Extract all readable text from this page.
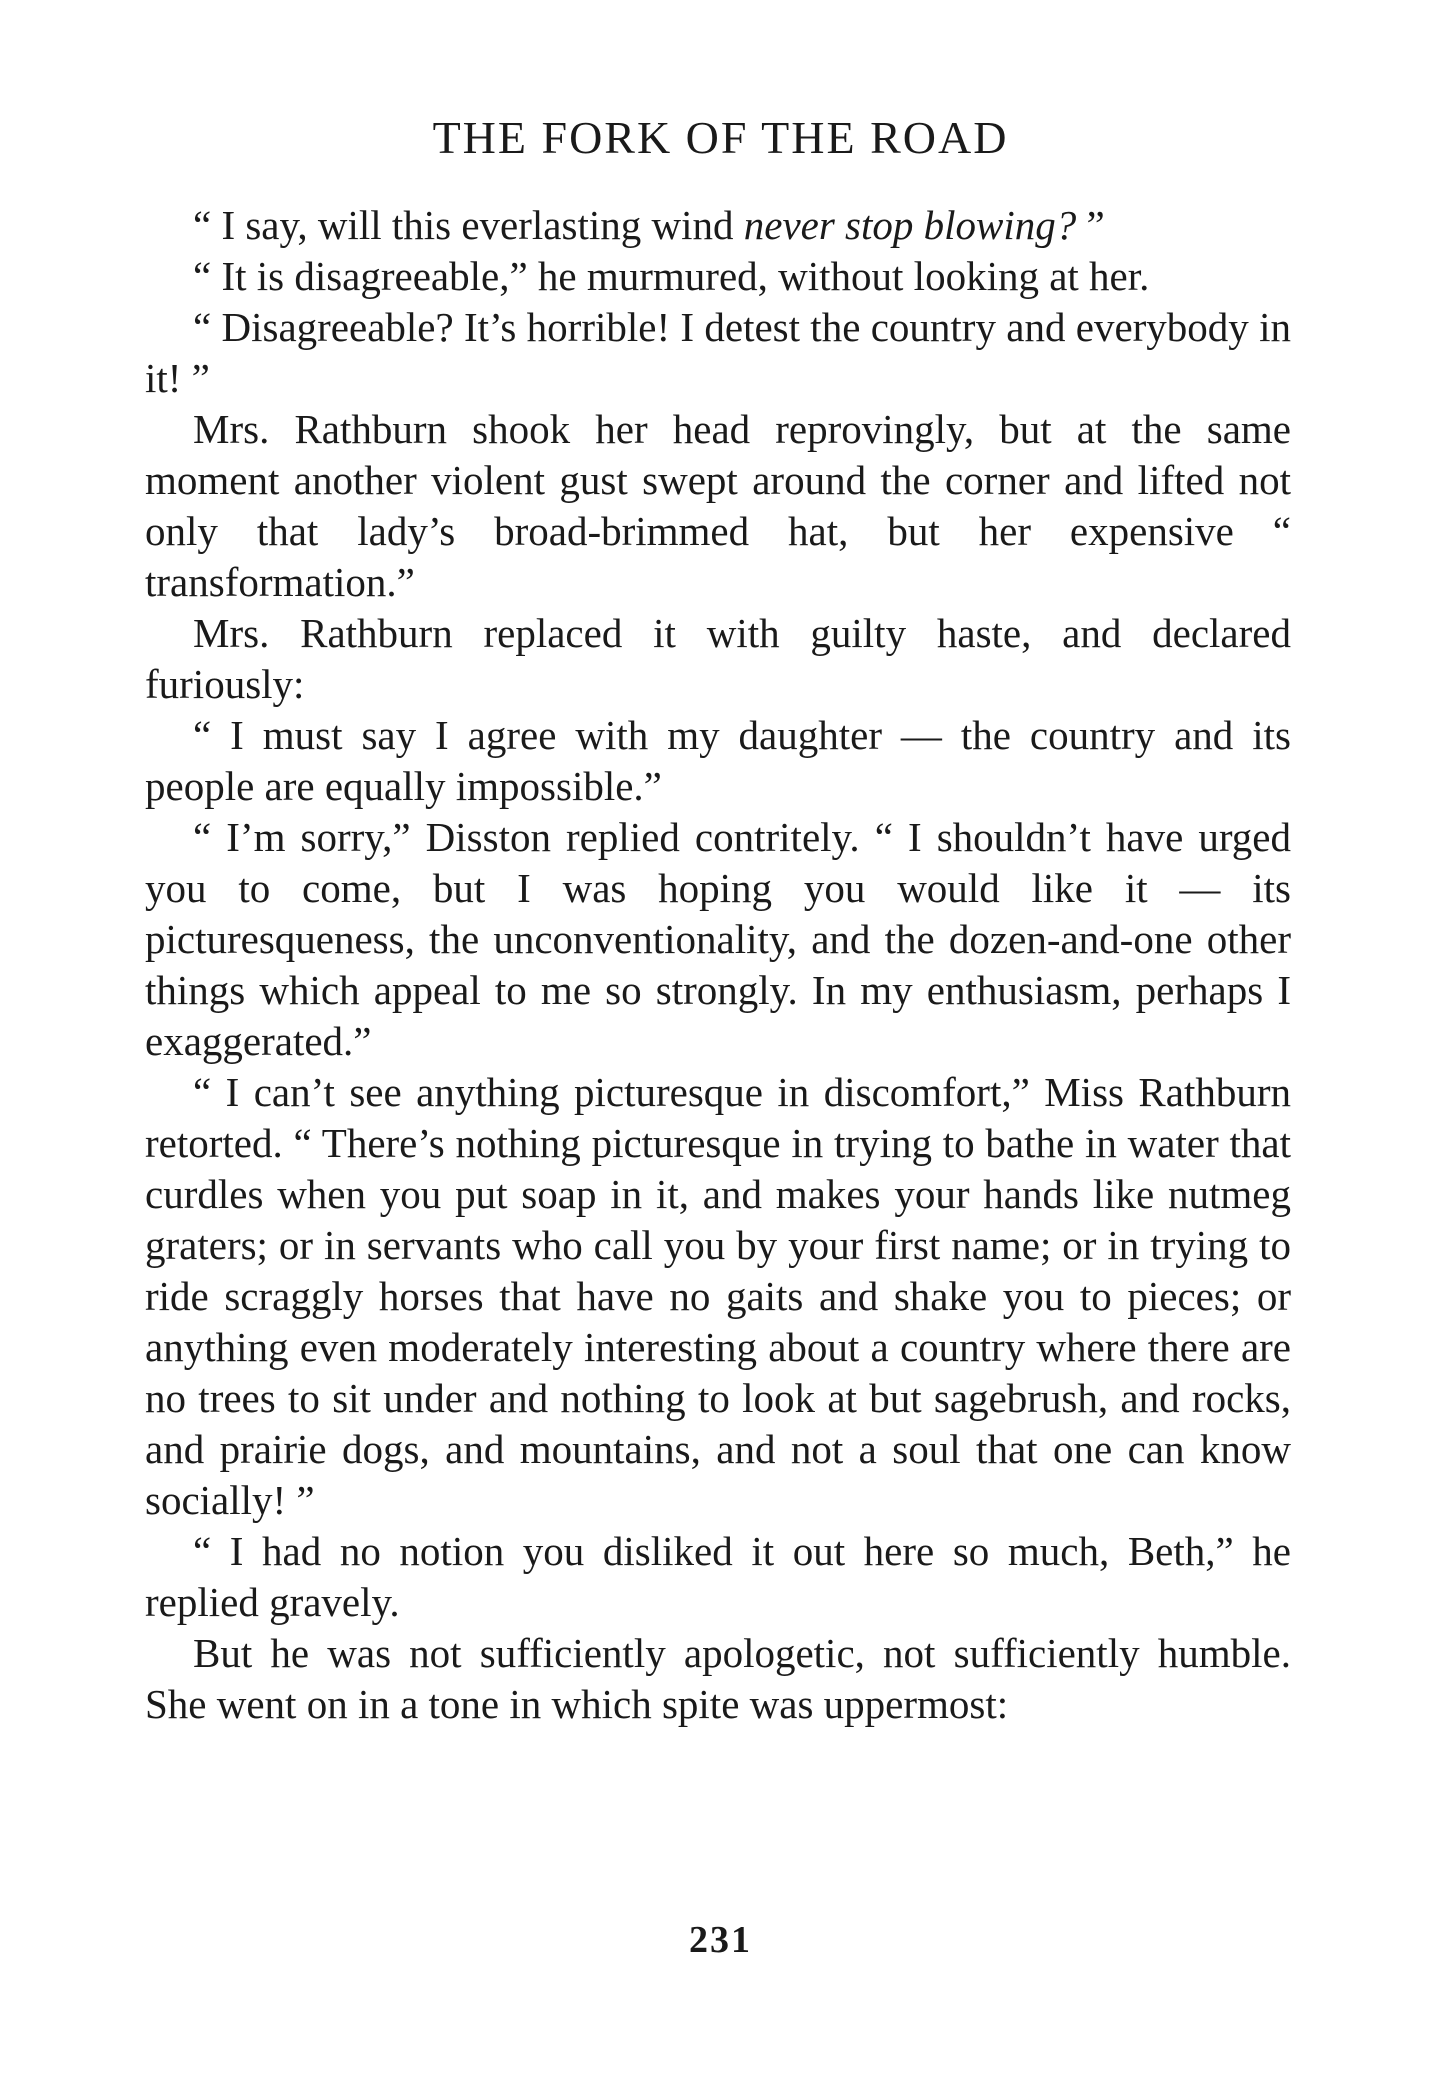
THE FORK OF THE ROAD

“ I say, will this everlasting wind never stop blowing? ”

“ It is disagreeable,” he murmured, without looking at her.

“ Disagreeable? It’s horrible! I detest the country and everybody in it! ”

Mrs. Rathburn shook her head reprovingly, but at the same moment another violent gust swept around the corner and lifted not only that lady’s broad-brimmed hat, but her expensive “ transformation.”

Mrs. Rathburn replaced it with guilty haste, and declared furiously:

“ I must say I agree with my daughter — the country and its people are equally impossible.”

“ I’m sorry,” Disston replied contritely. “ I shouldn’t have urged you to come, but I was hoping you would like it — its picturesqueness, the unconventionality, and the dozen-and-one other things which appeal to me so strongly. In my enthusiasm, perhaps I exaggerated.”

“ I can’t see anything picturesque in discomfort,” Miss Rathburn retorted. “ There’s nothing picturesque in trying to bathe in water that curdles when you put soap in it, and makes your hands like nutmeg graters; or in servants who call you by your first name; or in trying to ride scraggly horses that have no gaits and shake you to pieces; or anything even moderately interesting about a country where there are no trees to sit under and nothing to look at but sagebrush, and rocks, and prairie dogs, and mountains, and not a soul that one can know socially! ”

“ I had no notion you disliked it out here so much, Beth,” he replied gravely.

But he was not sufficiently apologetic, not sufficiently humble. She went on in a tone in which spite was uppermost:

231
